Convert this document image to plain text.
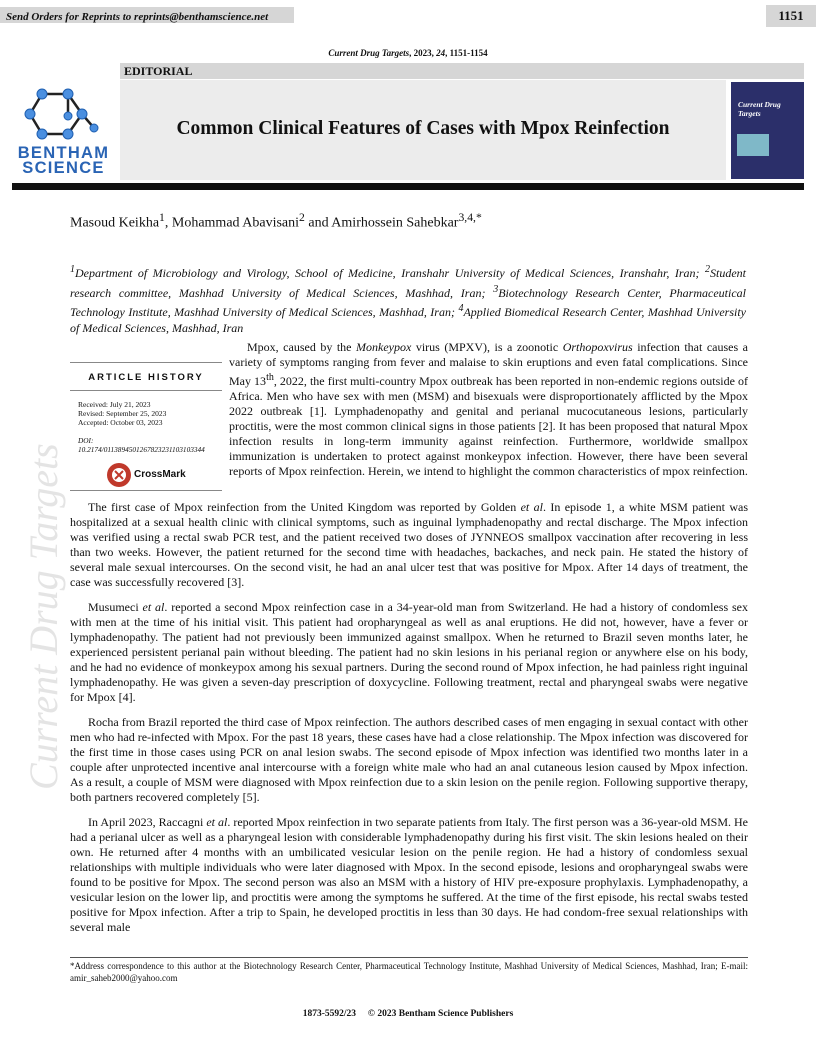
Send Orders for Reprints to reprints@benthamscience.net	1151
Current Drug Targets, 2023, 24, 1151-1154
EDITORIAL
Common Clinical Features of Cases with Mpox Reinfection
BENTHAM
SCIENCE
Current Drug Targets
Masoud Keikha$^1$, Mohammad Abavisani$^2$ and Amirhossein Sahebkar$^{3,4,*}$
$^1$Department of Microbiology and Virology, School of Medicine, Iranshahr University of Medical Sciences, Iranshahr, Iran; $^2$Student research committee, Mashhad University of Medical Sciences, Mashhad, Iran; $^3$Biotechnology Research Center, Pharmaceutical Technology Institute, Mashhad University of Medical Sciences, Mashhad, Iran; $^4$Applied Biomedical Research Center, Mashhad University of Medical Sciences, Mashhad, Iran
ARTICLE HISTORY
Received: July 21, 2023
Revised: September 25, 2023
Accepted: October 03, 2023
DOI:
10.2174/0113894501267823231103103344
CrossMark

Mpox, caused by the Monkeypox virus (MPXV), is a zoonotic Orthopoxvirus infection that causes a variety of symptoms ranging from fever and malaise to skin eruptions and even fatal complications. Since May 13th, 2022, the first multi-country Mpox outbreak has been reported in non-endemic regions outside of Africa. Men who have sex with men (MSM) and bisexuals were disproportionately afflicted by the Mpox 2022 outbreak [1]. Lymphadenopathy and genital and perianal mucocutaneous lesions, particularly proctitis, were the most common clinical signs in those patients [2]. It has been proposed that natural Mpox infection results in long-term immunity against reinfection. Furthermore, worldwide smallpox immunization is undertaken to protect against monkeypox infection. However, there have been several reports of Mpox reinfection. Herein, we intend to highlight the common characteristics of mpox reinfection.

The first case of Mpox reinfection from the United Kingdom was reported by Golden et al. In episode 1, a white MSM patient was hospitalized at a sexual health clinic with clinical symptoms, such as inguinal lymphadenopathy and rectal discharge. The Mpox infection was verified using a rectal swab PCR test, and the patient received two doses of JYNNEOS smallpox vaccination after recovering in less than two weeks. However, the patient returned for the second time with headaches, backaches, and neck pain. He stated the history of several male sexual intercourses. On the second visit, he had an anal ulcer test that was positive for Mpox. After 14 days of treatment, the case was successfully recovered [3].

Musumeci et al. reported a second Mpox reinfection case in a 34-year-old man from Switzerland. He had a history of condomless sex with men at the time of his initial visit. This patient had oropharyngeal as well as anal eruptions. He did not, however, have a fever or lymphadenopathy. The patient had not previously been immunized against smallpox. When he returned to Brazil seven months later, he experienced persistent perianal pain without bleeding. The patient had no skin lesions in his perianal region or anywhere else on his body, and he had no evidence of monkeypox among his sexual partners. During the second round of Mpox infection, he had painless right inguinal lymphadenopathy. He was given a seven-day prescription of doxycycline. Following treatment, rectal and pharyngeal swabs were negative for Mpox [4].

Rocha from Brazil reported the third case of Mpox reinfection. The authors described cases of men engaging in sexual contact with other men who had re-infected with Mpox. For the past 18 years, these cases have had a close relationship. The Mpox infection was discovered for the first time in those cases using PCR on anal lesion swabs. The second episode of Mpox infection was identified two months later in a couple after unprotected incentive anal intercourse with a foreign white male who had an anal cutaneous lesion caused by Mpox infection. As a result, a couple of MSM were diagnosed with Mpox reinfection due to a skin lesion on the penile region. Following supportive therapy, both partners recovered completely [5].

In April 2023, Raccagni et al. reported Mpox reinfection in two separate patients from Italy. The first person was a 36-year-old MSM. He had a perianal ulcer as well as a pharyngeal lesion with considerable lymphadenopathy during his first visit. The skin lesions healed on their own. He returned after 4 months with an umbilicated vesicular lesion on the penile region. He had a history of condomless sexual relationships with multiple individuals who were later diagnosed with Mpox. In the second episode, lesions and oropharyngeal swabs were found to be positive for Mpox. The second person was also an MSM with a history of HIV pre-exposure prophylaxis. Lymphadenopathy, a vesicular lesion on the lower lip, and proctitis were among the symptoms he suffered. At the time of the first episode, his rectal swabs tested positive for Mpox infection. After a trip to Spain, he developed proctitis in less than 30 days. He had condom-free sexual relationships with several male

Current Drug Targets
*Address correspondence to this author at the Biotechnology Research Center, Pharmaceutical Technology Institute, Mashhad University of Medical Sciences, Mashhad, Iran; E-mail: amir_saheb2000@yahoo.com
1873-5592/23 © 2023 Bentham Science Publishers
